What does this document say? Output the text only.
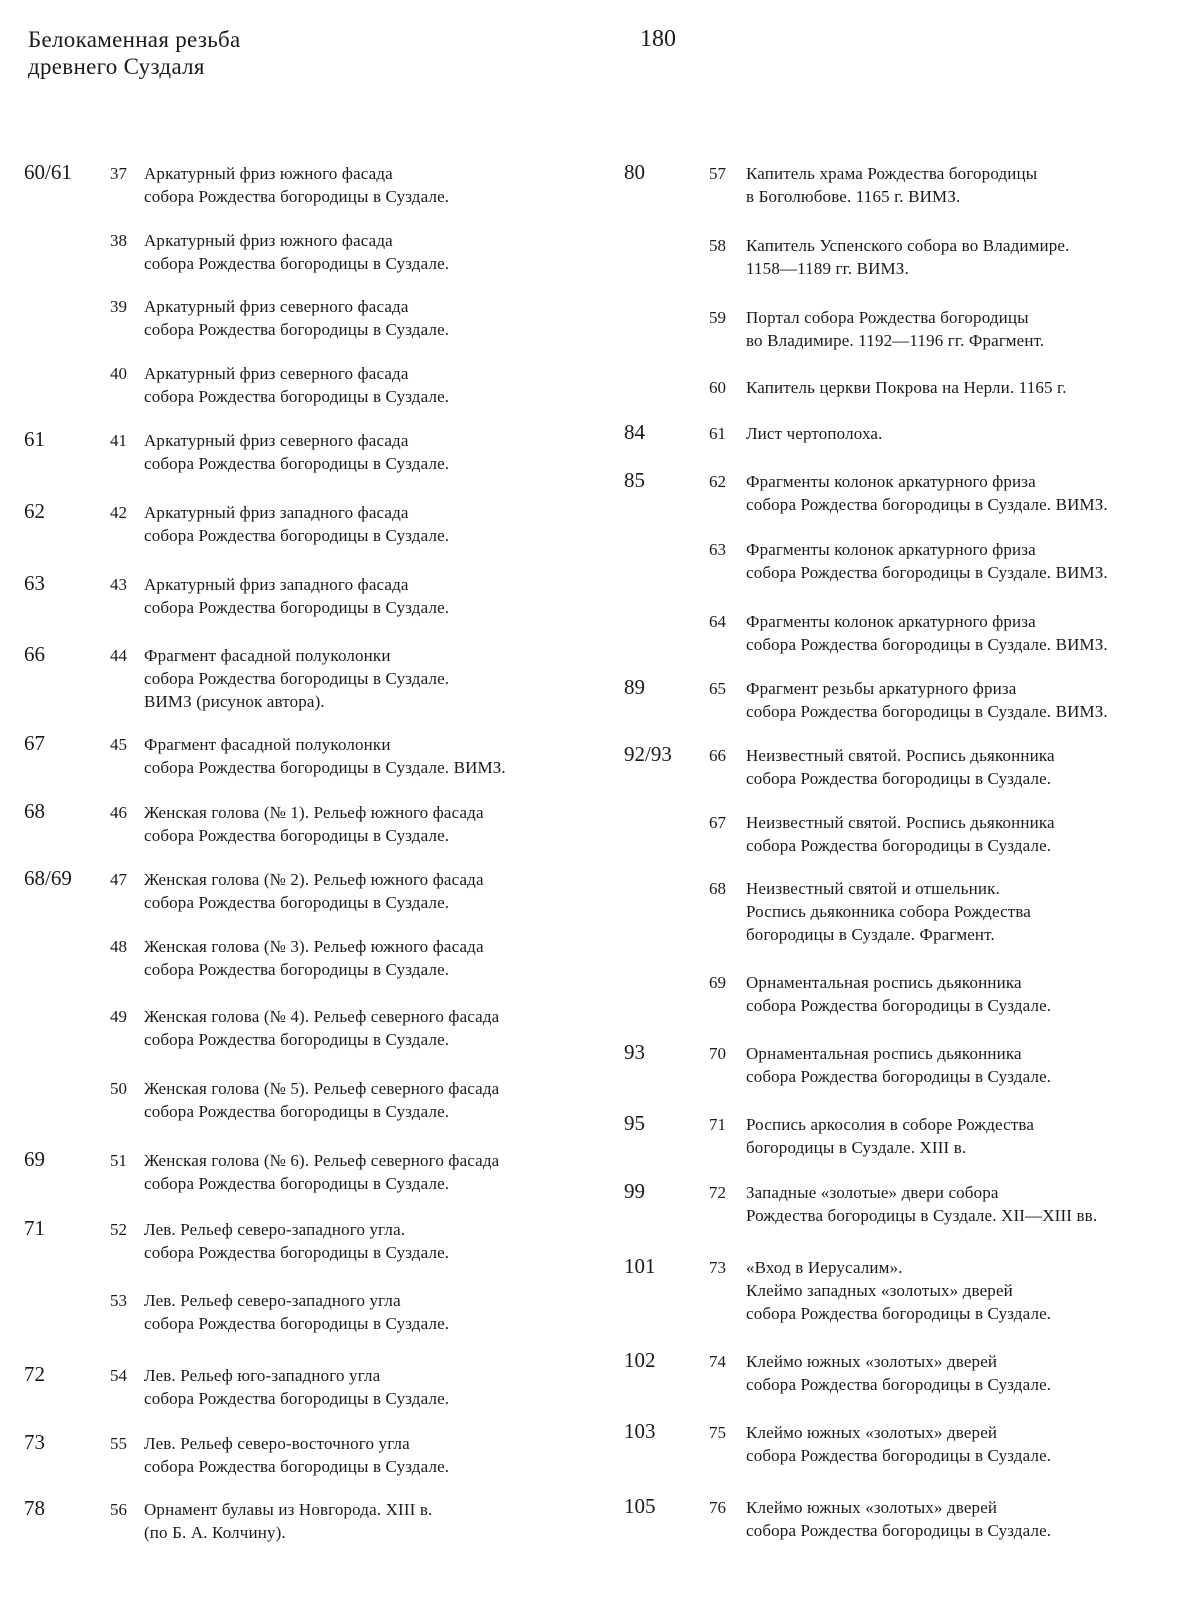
Белокаменная резьба
древнего Суздаля
180
60/61 37 Аркатурный фриз южного фасада
собора Рождества богородицы в Суздале.
38 Аркатурный фриз южного фасада
собора Рождества богородицы в Суздале.
39 Аркатурный фриз северного фасада
собора Рождества богородицы в Суздале.
40 Аркатурный фриз северного фасада
собора Рождества богородицы в Суздале.
61	41 Аркатурный фриз северного фасада
собора Рождества богородицы в Суздале.
62	42 Аркатурный фриз западного фасада
собора Рождества богородицы в Суздале.
63	43 Аркатурный фриз западного фасада
собора Рождества богородицы в Суздале.
66	44 Фрагмент фасадной полуколонки
собора Рождества богородицы в Суздале.
ВИМЗ (рисунок автора).
67	45 Фрагмент фасадной полуколонки
собора Рождества богородицы в Суздале. ВИМЗ.
68	46 Женская голова (№ 1). Рельеф южного фасада
собора Рождества богородицы в Суздале.
68/69 47 Женская голова (№ 2). Рельеф южного фасада
собора Рождества богородицы в Суздале.
48 Женская голова (№ 3). Рельеф южного фасада
собора Рождества богородицы в Суздале.
49 Женская голова (№ 4). Рельеф северного фасада
собора Рождества богородицы в Суздале.
50 Женская голова (№ 5). Рельеф северного фасада
собора Рождества богородицы в Суздале.
69	51 Женская голова (№ 6). Рельеф северного фасада
собора Рождества богородицы в Суздале.
71	52 Лев. Рельеф северо-западного угла.
собора Рождества богородицы в Суздале.
53 Лев. Рельеф северо-западного угла
собора Рождества богородицы в Суздале.
72	54 Лев. Рельеф юго-западного угла
собора Рождества богородицы в Суздале.
73	55 Лев. Рельеф северо-восточного угла
собора Рождества богородицы в Суздале.
78	56 Орнамент булавы из Новгорода. XIII в.
(по Б. А. Колчину).
80	57 Капитель храма Рождества богородицы
в Боголюбове. 1165 г. ВИМЗ.
58 Капитель Успенского собора во Владимире.
1158—1189 гг. ВИМЗ.
59 Портал собора Рождества богородицы
во Владимире. 1192—1196 гг. Фрагмент.
60 Капитель церкви Покрова на Нерли. 1165 г.
84	61 Лист чертополоха.
85	62 Фрагменты колонок аркатурного фриза
собора Рождества богородицы в Суздале. ВИМЗ.
63 Фрагменты колонок аркатурного фриза
собора Рождества богородицы в Суздале. ВИМЗ.
64 Фрагменты колонок аркатурного фриза
собора Рождества богородицы в Суздале. ВИМЗ.
89	65 Фрагмент резьбы аркатурного фриза
собора Рождества богородицы в Суздале. ВИМЗ.
92/93 66 Неизвестный святой. Роспись дьяконника
собора Рождества богородицы в Суздале.
67 Неизвестный святой. Роспись дьяконника
собора Рождества богородицы в Суздале.
68 Неизвестный святой и отшельник.
Роспись дьяконника собора Рождества
богородицы в Суздале. Фрагмент.
69 Орнаментальная роспись дьяконника
собора Рождества богородицы в Суздале.
93	70 Орнаментальная роспись дьяконника
собора Рождества богородицы в Суздале.
95	71 Роспись аркосолия в соборе Рождества
богородицы в Суздале. XIII в.
99	72 Западные «золотые» двери собора
Рождества богородицы в Суздале. XII—XIII вв.
101	73 «Вход в Иерусалим».
Клеймо западных «золотых» дверей
собора Рождества богородицы в Суздале.
102	74 Клеймо южных «золотых» дверей
собора Рождества богородицы в Суздале.
103	75 Клеймо южных «золотых» дверей
собора Рождества богородицы в Суздале.
105	76 Клеймо южных «золотых» дверей
собора Рождества богородицы в Суздале.
